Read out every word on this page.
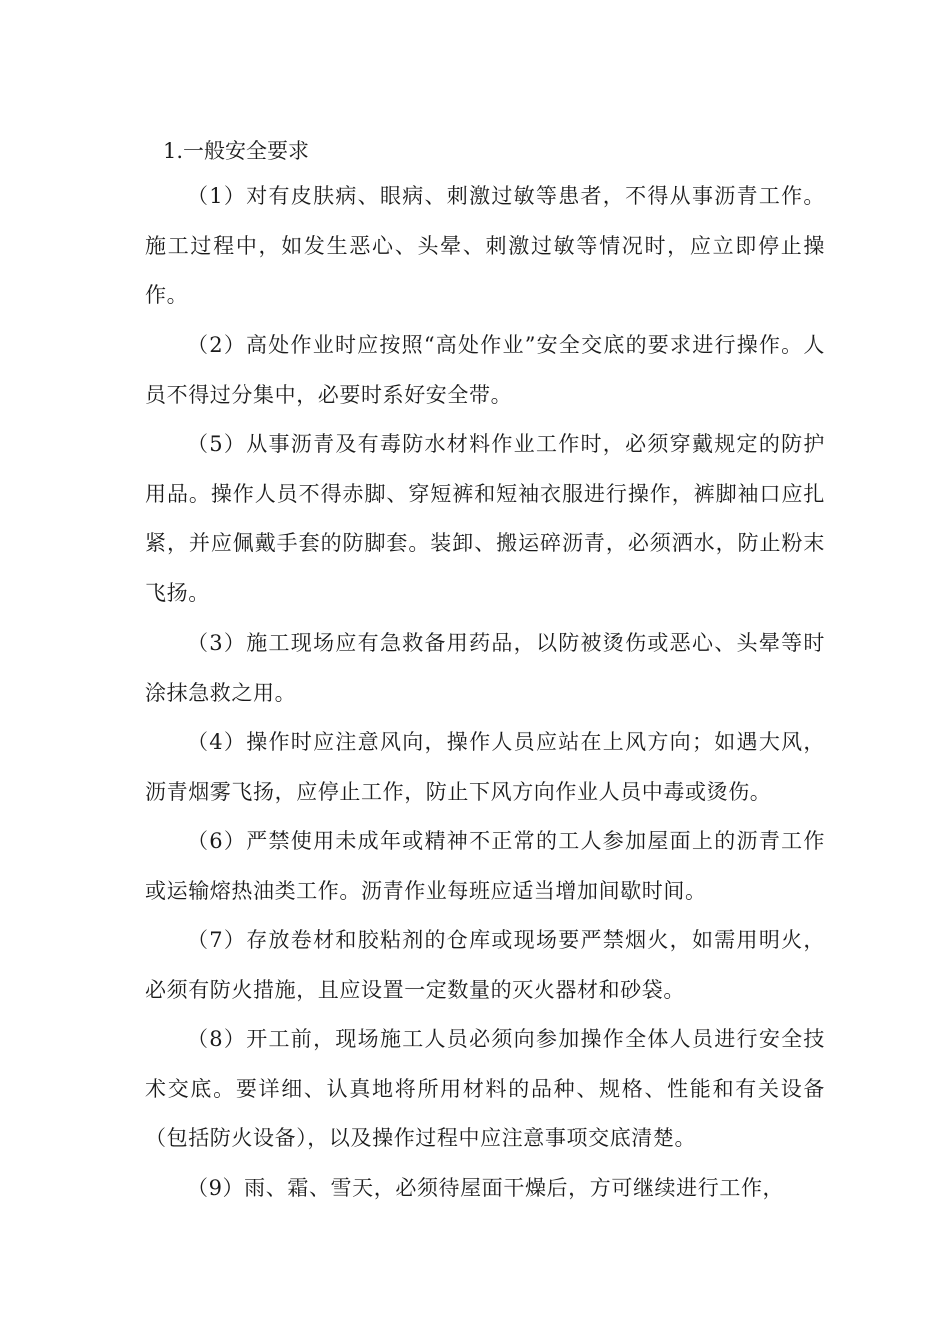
1.一般安全要求

（1）对有皮肤病、眼病、刺激过敏等患者，不得从事沥青工作。施工过程中，如发生恶心、头晕、刺激过敏等情况时，应立即停止操作。

（2）高处作业时应按照“高处作业”安全交底的要求进行操作。人员不得过分集中，必要时系好安全带。

（5）从事沥青及有毒防水材料作业工作时，必须穿戴规定的防护用品。操作人员不得赤脚、穿短裤和短袖衣服进行操作，裤脚袖口应扎紧，并应佩戴手套的防脚套。装卸、搬运碎沥青，必须洒水，防止粉末飞扬。

（3）施工现场应有急救备用药品，以防被烫伤或恶心、头晕等时涂抹急救之用。

（4）操作时应注意风向，操作人员应站在上风方向；如遇大风，沥青烟雾飞扬，应停止工作，防止下风方向作业人员中毒或烫伤。

（6）严禁使用未成年或精神不正常的工人参加屋面上的沥青工作或运输熔热油类工作。沥青作业每班应适当增加间歇时间。

（7）存放卷材和胶粘剂的仓库或现场要严禁烟火，如需用明火，必须有防火措施，且应设置一定数量的灭火器材和砂袋。

（8）开工前，现场施工人员必须向参加操作全体人员进行安全技术交底。要详细、认真地将所用材料的品种、规格、性能和有关设备（包括防火设备），以及操作过程中应注意事项交底清楚。

（9）雨、霜、雪天，必须待屋面干燥后，方可继续进行工作，
